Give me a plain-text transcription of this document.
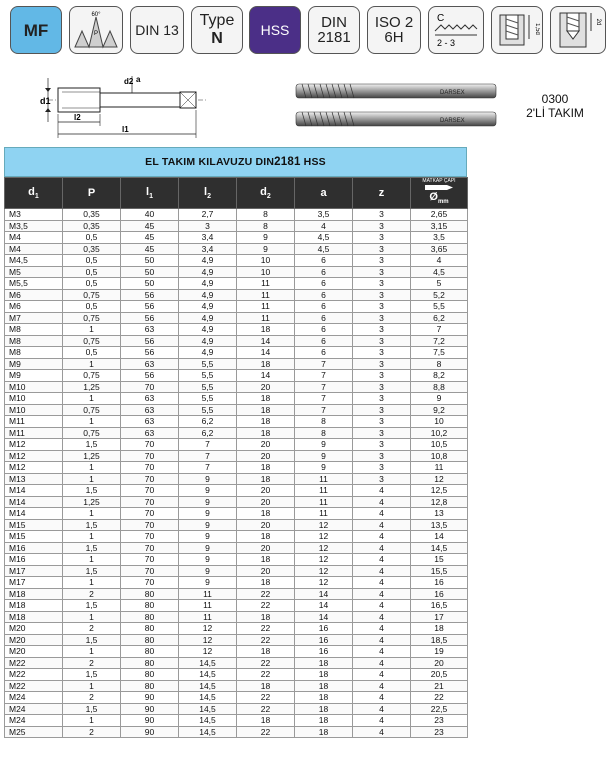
MF
60°
P	DIN 13
Type
N
HSS DIN
2181
ISO 2
6H
C
2 - 3
1,5d
2d
d1
d2 a
l2
l1
DARSEX
DARSEX
0300
2'Lİ TAKIM
EL TAKIM KILAVUZU DIN 2181 HSS
$d_1$	P	$l_1$	$l_2$	$d_2$	a	z	MATKAP ÇAPI
$Ø_{mm}$

M3	0,35	40	2,7	8	3,5	3	2,65
M3,5	0,35	45	3	8	4	3	3,15
M4	0,5	45	3,4	9	4,5	3	3,5
M4	0,35	45	3,4	9	4,5	3	3,65
M4,5	0,5	50	4,9	10	6	3	4
M5	0,5	50	4,9	10	6	3	4,5
M5,5	0,5	50	4,9	11	6	3	5
M6	0,75	56	4,9	11	6	3	5,2
M6	0,5	56	4,9	11	6	3	5,5
M7	0,75	56	4,9	11	6	3	6,2
M8	1	63	4,9	18	6	3	7
M8	0,75	56	4,9	14	6	3	7,2
M8	0,5	56	4,9	14	6	3	7,5
M9	1	63	5,5	18	7	3	8
M9	0,75	56	5,5	14	7	3	8,2
M10	1,25	70	5,5	20	7	3	8,8
M10	1	63	5,5	18	7	3	9
M10	0,75	63	5,5	18	7	3	9,2
M11	1	63	6,2	18	8	3	10
M11	0,75	63	6,2	18	8	3	10,2
M12	1,5	70	7	20	9	3	10,5
M12	1,25	70	7	20	9	3	10,8
M12	1	70	7	18	9	3	11
M13	1	70	9	18	11	3	12
M14	1,5	70	9	20	11	4	12,5
M14	1,25	70	9	20	11	4	12,8
M14	1	70	9	18	11	4	13
M15	1,5	70	9	20	12	4	13,5
M15	1	70	9	18	12	4	14
M16	1,5	70	9	20	12	4	14,5
M16	1	70	9	18	12	4	15
M17	1,5	70	9	20	12	4	15,5
M17	1	70	9	18	12	4	16
M18	2	80	11	22	14	4	16
M18	1,5	80	11	22	14	4	16,5
M18	1	80	11	18	14	4	17
M20	2	80	12	22	16	4	18
M20	1,5	80	12	22	16	4	18,5
M20	1	80	12	18	16	4	19
M22	2	80	14,5	22	18	4	20
M22	1,5	80	14,5	22	18	4	20,5
M22	1	80	14,5	18	18	4	21
M24	2	90	14,5	22	18	4	22
M24	1,5	90	14,5	22	18	4	22,5
M24	1	90	14,5	18	18	4	23
M25	2	90	14,5	22	18	4	23
